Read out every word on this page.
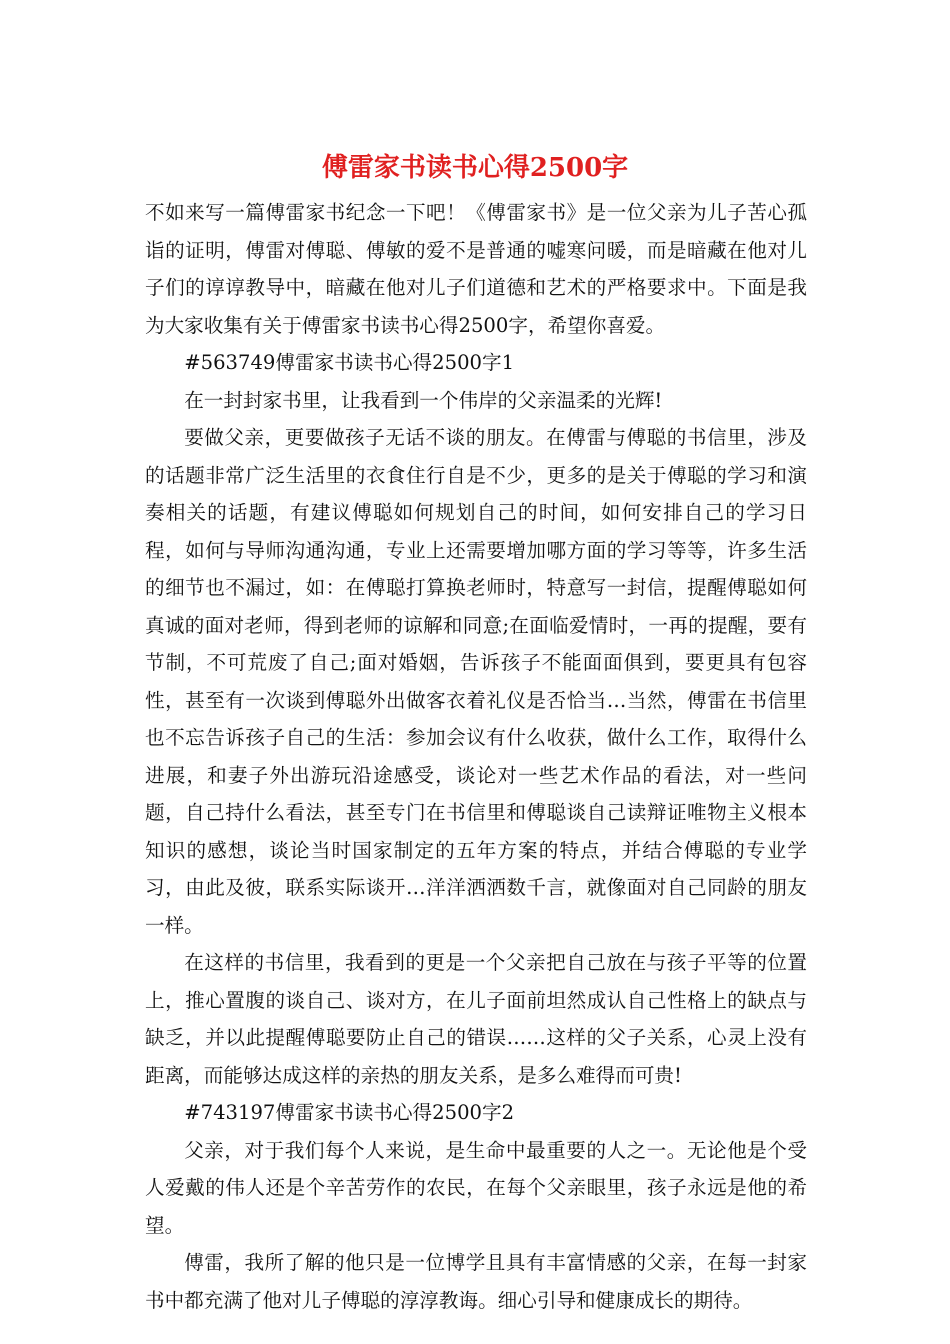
傅雷家书读书心得2500字

不如来写一篇傅雷家书纪念一下吧！《傅雷家书》是一位父亲为儿子苦心孤诣的证明，傅雷对傅聪、傅敏的爱不是普通的嘘寒问暖，而是暗藏在他对儿子们的谆谆教导中，暗藏在他对儿子们道德和艺术的严格要求中。下面是我为大家收集有关于傅雷家书读书心得2500字，希望你喜爱。

#563749傅雷家书读书心得2500字1

在一封封家书里，让我看到一个伟岸的父亲温柔的光辉!

要做父亲，更要做孩子无话不谈的朋友。在傅雷与傅聪的书信里，涉及的话题非常广泛生活里的衣食住行自是不少，更多的是关于傅聪的学习和演奏相关的话题，有建议傅聪如何规划自己的时间，如何安排自己的学习日程，如何与导师沟通沟通，专业上还需要增加哪方面的学习等等，许多生活的细节也不漏过，如：在傅聪打算换老师时，特意写一封信，提醒傅聪如何真诚的面对老师，得到老师的谅解和同意;在面临爱情时，一再的提醒，要有节制，不可荒废了自己;面对婚姻，告诉孩子不能面面俱到，要更具有包容性，甚至有一次谈到傅聪外出做客衣着礼仪是否恰当…当然，傅雷在书信里也不忘告诉孩子自己的生活：参加会议有什么收获，做什么工作，取得什么进展，和妻子外出游玩沿途感受，谈论对一些艺术作品的看法，对一些问题，自己持什么看法，甚至专门在书信里和傅聪谈自己读辩证唯物主义根本知识的感想，谈论当时国家制定的五年方案的特点，并结合傅聪的专业学习，由此及彼，联系实际谈开…洋洋洒洒数千言，就像面对自己同龄的朋友一样。

在这样的书信里，我看到的更是一个父亲把自己放在与孩子平等的位置上，推心置腹的谈自己、谈对方，在儿子面前坦然成认自己性格上的缺点与缺乏，并以此提醒傅聪要防止自己的错误……这样的父子关系，心灵上没有距离，而能够达成这样的亲热的朋友关系，是多么难得而可贵!

#743197傅雷家书读书心得2500字2

父亲，对于我们每个人来说，是生命中最重要的人之一。无论他是个受人爱戴的伟人还是个辛苦劳作的农民，在每个父亲眼里，孩子永远是他的希望。

傅雷，我所了解的他只是一位博学且具有丰富情感的父亲，在每一封家书中都充满了他对儿子傅聪的淳淳教诲。细心引导和健康成长的期待。
